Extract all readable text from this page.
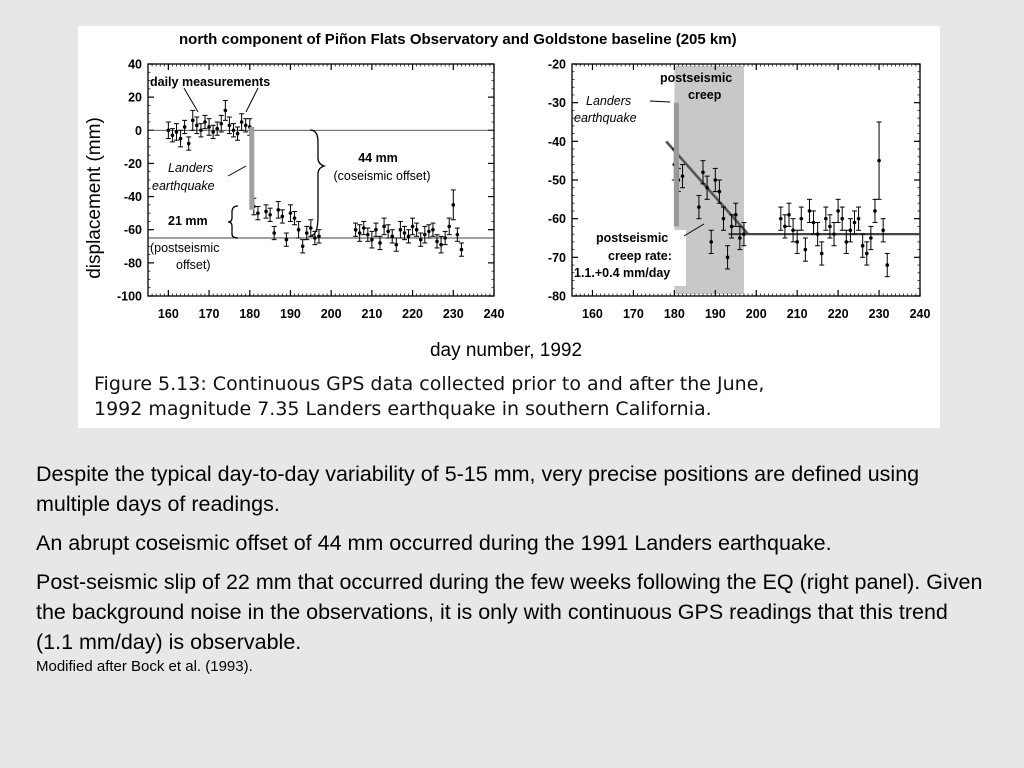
160 170 180 190 200 210 220 230 240
-20
-30
-40
-50
-60
-70
-80
160 170 180 190 200 210 220 230 240
40
20
0
-20
-40
-60
-80
-100
north component of Piñon Flats Observatory and Goldstone baseline (205 km)
displacement (mm)
day number, 1992
daily measurements
Landers
earthquake
44 mm
(coseismic offset)
21 mm
(postseismic
offset)
postseismic
creep
Landers
earthquake
postseismic
creep rate:
1.1.+0.4 mm/day
Figure 5.13: Continuous GPS data collected prior to and after the June,
1992 magnitude 7.35 Landers earthquake in southern California.

Despite the typical day-to-day variability of 5-15 mm, very precise positions are defined using multiple days of readings.

An abrupt coseismic offset of 44 mm occurred during the 1991 Landers earthquake.

Post-seismic slip of 22 mm that occurred during the few weeks following the EQ (right panel). Given the background noise in the observations, it is only with continuous GPS readings that this trend (1.1 mm/day) is observable.
Modified after Bock et al. (1993).
